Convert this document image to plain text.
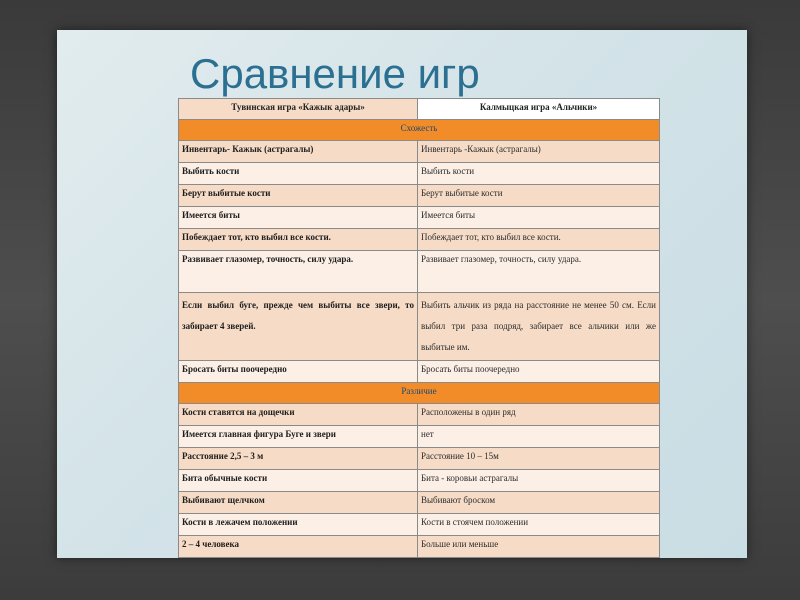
Сравнение игр
Тувинская игра «Кажык адары»	Калмыцкая игра «Альчики»
Схожесть	
Инвентарь- Кажык (астрагалы)	Инвентарь -Кажык (астрагалы)
Выбить кости	Выбить кости
Берут выбитые кости	Берут выбитые кости
Имеется биты	Имеется биты
Побеждает тот, кто выбил все кости.	Побеждает тот, кто выбил все кости.
Развивает глазомер, точность, силу удара.	Развивает глазомер, точность, силу удара.
Если выбил буге, прежде чем выбиты все звери, то забирает 4 зверей.	Выбить альчик из ряда на расстояние не менее 50 см. Если выбил три раза подряд, забирает все альчики или же выбитые им.
Бросать биты поочередно	Бросать биты поочередно
Различие	
Кости ставятся на дощечки	Расположены в один ряд
Имеется главная фигура Буге и звери	нет
Расстояние 2,5 – 3 м	Расстояние 10 – 15м
Бита обычные кости	Бита - коровьи астрагалы
Выбивают щелчком	Выбивают броском
Кости в лежачем положении	Кости в стоячем положении
2 – 4 человека	Больше или меньше
